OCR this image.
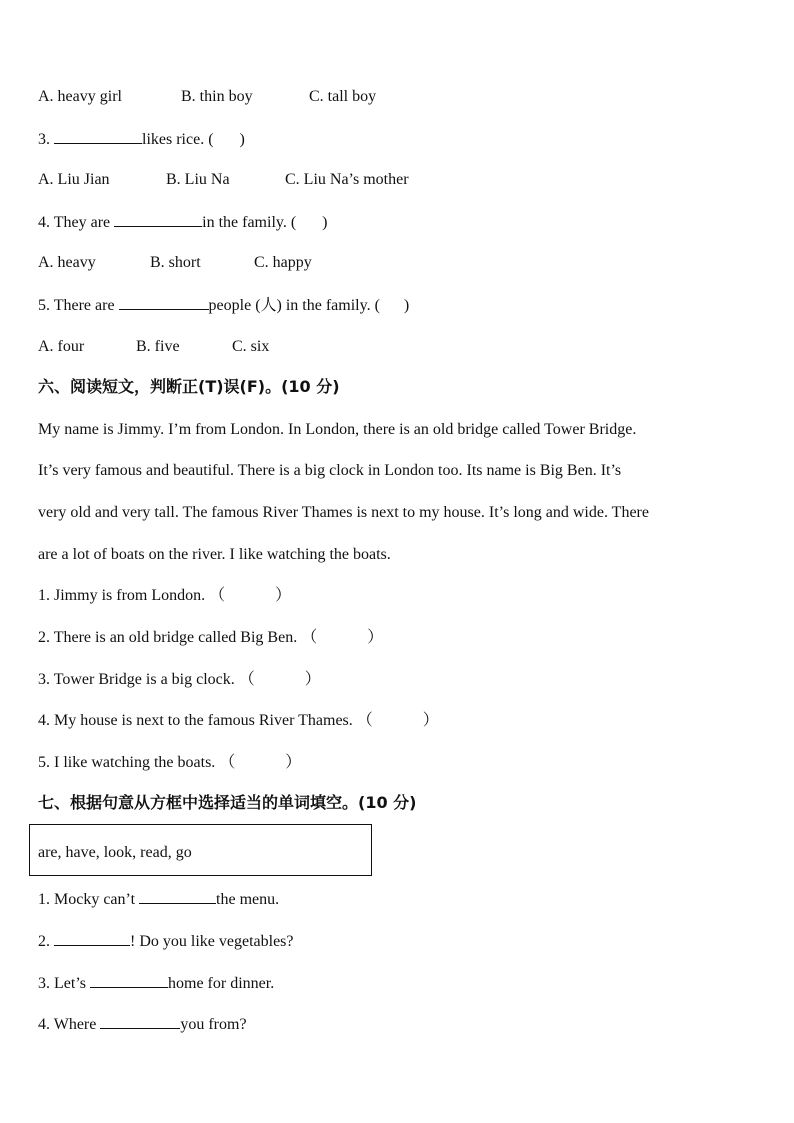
A. heavy girl	B. thin boy	C. tall boy
3.	likes rice. ( )
A. Liu Jian	B. Liu Na	C. Liu Na’s mother
4. They are	in the family. ( )
A. heavy	B. short	C. happy
5. There are	people (人) in the family. ( )
A. four	B. five	C. six
六、阅读短文，判断正(T)误(F)。(10 分)
My name is Jimmy. I’m from London. In London, there is an old bridge called Tower Bridge.
It’s very famous and beautiful. There is a big clock in London too. Its name is Big Ben. It’s
very old and very tall. The famous River Thames is next to my house. It’s long and wide. There
are a lot of boats on the river. I like watching the boats.
1. Jimmy is from London. （	）
2. There is an old bridge called Big Ben. （	）
3. Tower Bridge is a big clock. （	）
4. My house is next to the famous River Thames. （	）
5. I like watching the boats. （	）
七、根据句意从方框中选择适当的单词填空。(10 分)
are, have, look, read, go
1. Mocky can’t	the menu.
2.	! Do you like vegetables?
3. Let’s	home for dinner.
4. Where	you from?
